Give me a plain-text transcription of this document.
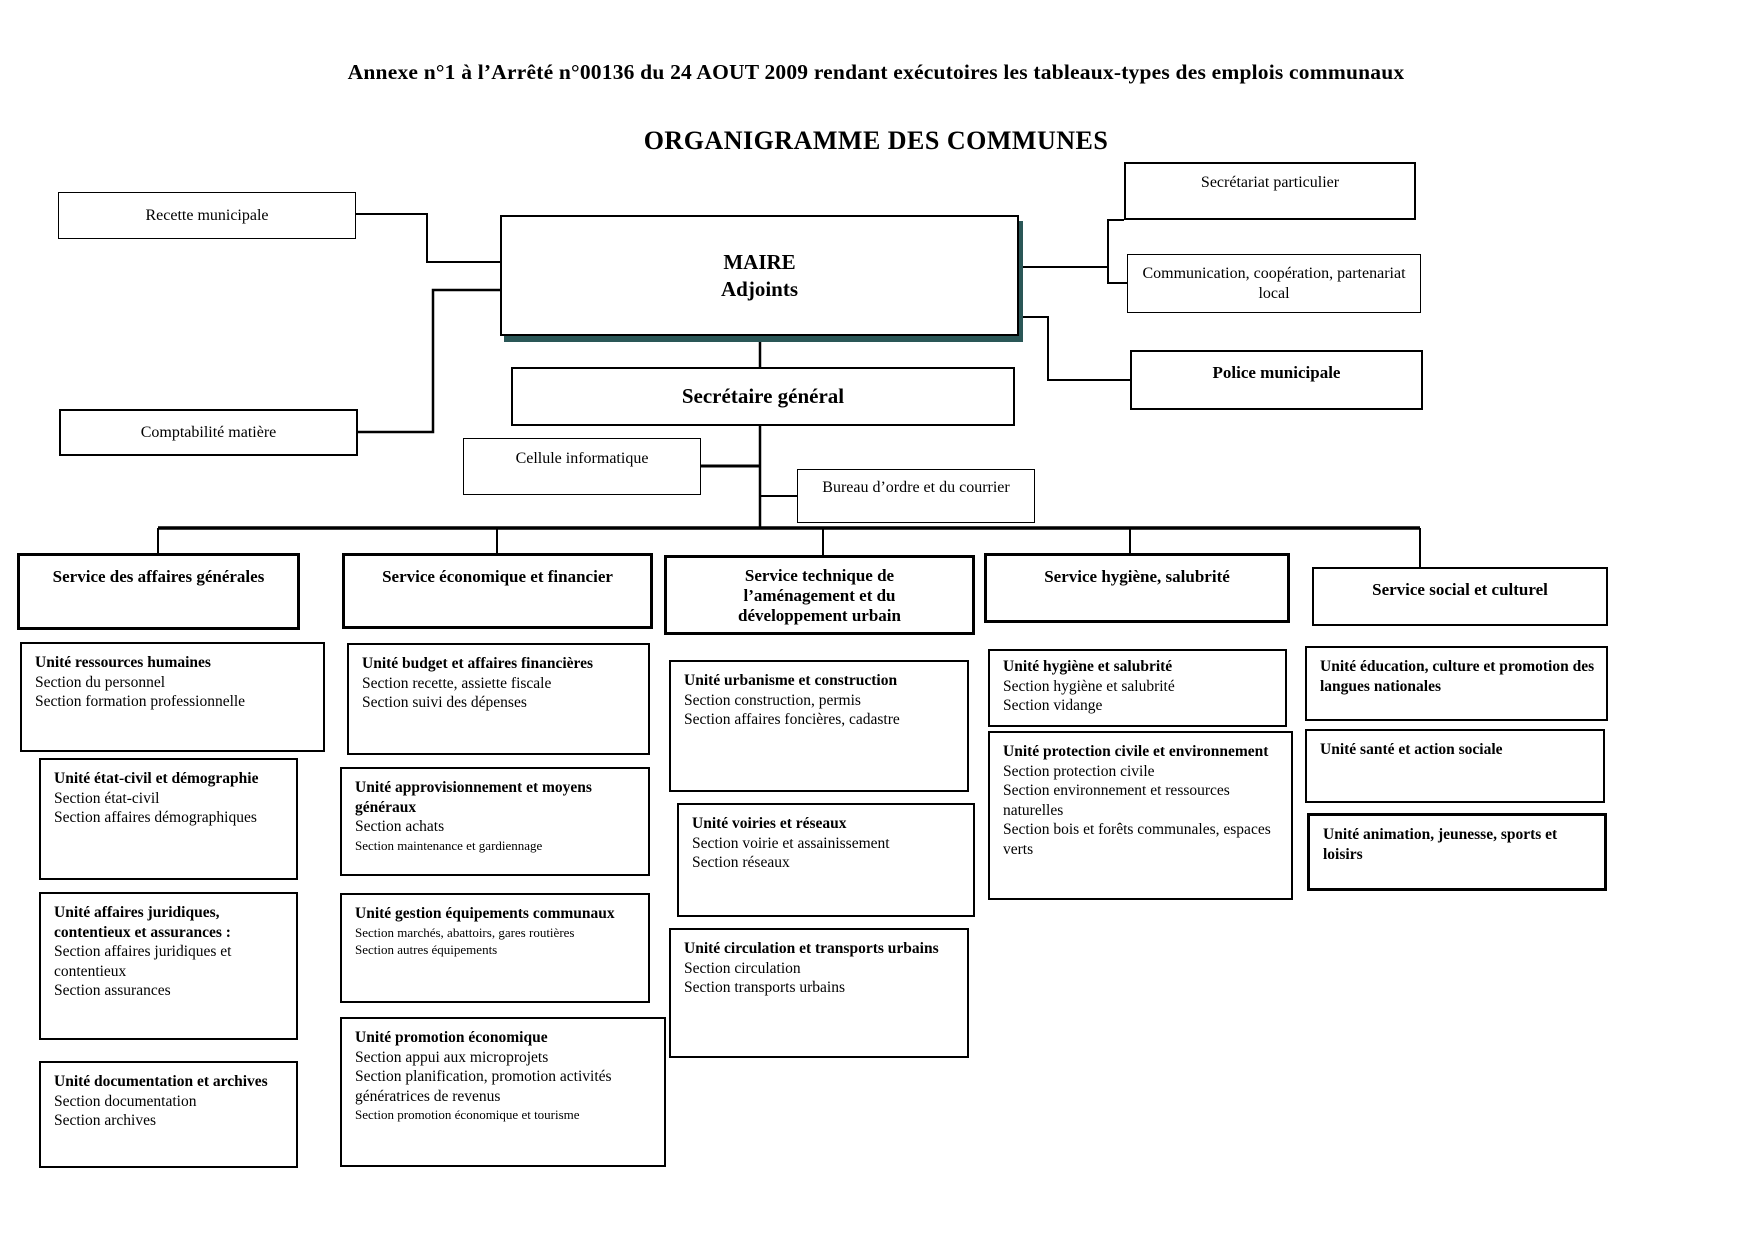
Annexe n°1 à l’Arrêté n°00136 du 24 AOUT 2009 rendant exécutoires les tableaux-types des emplois communaux
ORGANIGRAMME DES COMMUNES
Recette municipale
MAIRE
Adjoints
Secrétariat particulier
Communication, coopération, partenariat local
Police municipale
Comptabilité matière
Secrétaire général
Cellule informatique
Bureau d’ordre et du courrier
Service des affaires générales	Service économique et financier	Service technique de l’aménagement et du développement urbain
Service hygiène, salubrité
Service social et culturel
Unité ressources humaines
Section du personnel
Section formation professionnelle
Unité état-civil et démographie
Section état-civil
Section affaires démographiques
Unité affaires juridiques, contentieux et assurances :
Section affaires juridiques et contentieux
Section assurances
Unité documentation et archives
Section documentation
Section archives
Unité budget et affaires financières
Section recette, assiette fiscale
Section suivi des dépenses
Unité approvisionnement et moyens généraux
Section achats
Section maintenance et gardiennage
Unité gestion équipements communaux
Section marchés, abattoirs, gares routières
Section autres équipements
Unité promotion économique
Section appui aux microprojets
Section planification, promotion activités génératrices de revenus
Section promotion économique et tourisme
Unité urbanisme et construction
Section construction, permis
Section affaires foncières, cadastre
Unité voiries et réseaux
Section voirie et assainissement
Section réseaux
Unité circulation et transports urbains
Section circulation
Section transports urbains
Unité hygiène et salubrité
Section hygiène et salubrité
Section vidange
Unité protection civile et environnement
Section protection civile
Section environnement et ressources naturelles
Section bois et forêts communales, espaces verts
Unité éducation, culture et promotion des langues nationales
Unité santé et action sociale
Unité animation, jeunesse, sports et loisirs
